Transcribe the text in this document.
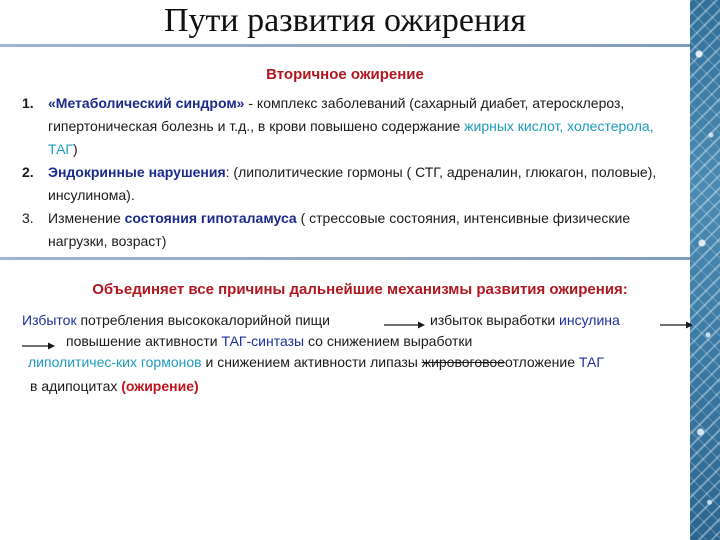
Пути развития ожирения
Вторичное ожирение
1. «Метаболический синдром» - комплекс заболеваний (сахарный диабет, атеросклероз, гипертоническая болезнь и т.д., в крови повышено содержание жирных кислот, холестерола, ТАГ)
2. Эндокринные нарушения: (липолитические гормоны ( СТГ, адреналин, глюкагон, половые), инсулинома).
3. Изменение состояния гипоталамуса ( стрессовые состояния, интенсивные физические нагрузки, возраст)
Объединяет все причины дальнейшие механизмы развития ожирения:
Избыток потребления высококалорийной пищи	избыток выработки инсулина
повышение активности ТАГ-синтазы со снижением выработки
липолитичес-ких гормонов и снижением активности липазы жировоговоеотложение ТАГ
в адипоцитах (ожирение)
